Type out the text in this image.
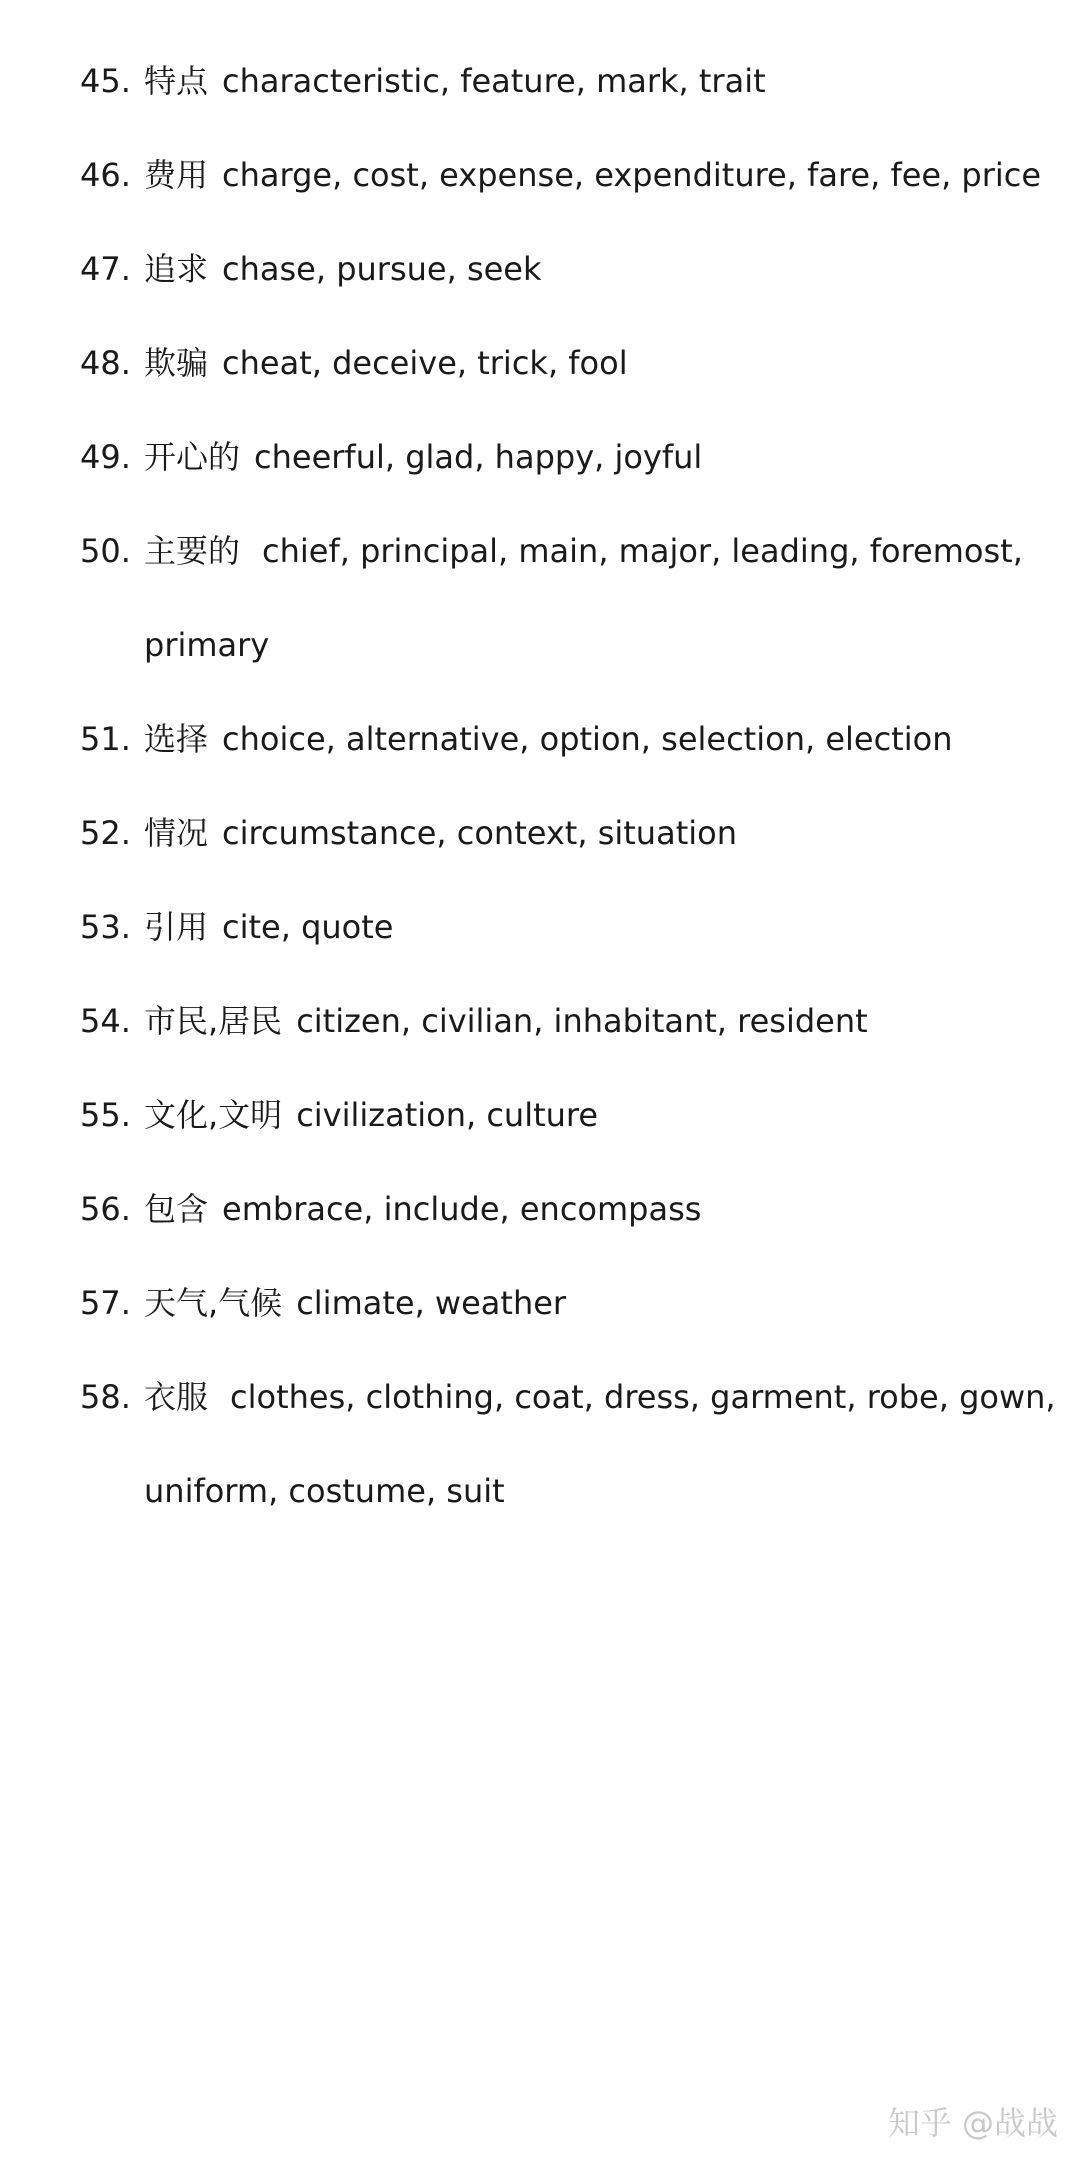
45. 特点 characteristic, feature, mark, trait
46. 费用 charge, cost, expense, expenditure, fare, fee, price
47. 追求 chase, pursue, seek
48. 欺骗 cheat, deceive, trick, fool
49. 开心的 cheerful, glad, happy, joyful
50. 主要的 chief, principal, main, major, leading, foremost,
primary
51. 选择 choice, alternative, option, selection, election
52. 情况 circumstance, context, situation
53. 引用 cite, quote
54. 市民,居民 citizen, civilian, inhabitant, resident
55. 文化,文明 civilization, culture
56. 包含 embrace, include, encompass
57. 天气,气候 climate, weather
58. 衣服 clothes, clothing, coat, dress, garment, robe, gown,
uniform, costume, suit
知乎 @战战
